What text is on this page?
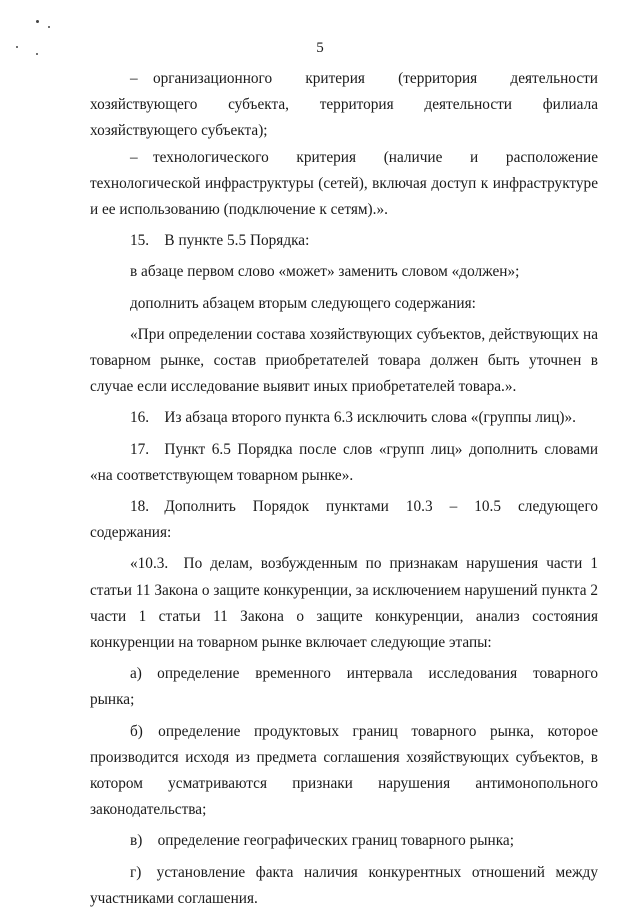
5

– организационного критерия (территория деятельности хозяйствующего субъекта, территория деятельности филиала хозяйствующего субъекта);

– технологического критерия (наличие и расположение технологической инфраструктуры (сетей), включая доступ к инфраструктуре и ее использованию (подключение к сетям).».

15. В пункте 5.5 Порядка:

в абзаце первом слово «может» заменить словом «должен»;

дополнить абзацем вторым следующего содержания:

«При определении состава хозяйствующих субъектов, действующих на товарном рынке, состав приобретателей товара должен быть уточнен в случае если исследование выявит иных приобретателей товара.».

16. Из абзаца второго пункта 6.3 исключить слова «(группы лиц)».

17. Пункт 6.5 Порядка после слов «групп лиц» дополнить словами «на соответствующем товарном рынке».

18. Дополнить Порядок пунктами 10.3 – 10.5 следующего содержания:

«10.3. По делам, возбужденным по признакам нарушения части 1 статьи 11 Закона о защите конкуренции, за исключением нарушений пункта 2 части 1 статьи 11 Закона о защите конкуренции, анализ состояния конкуренции на товарном рынке включает следующие этапы:

а) определение временного интервала исследования товарного рынка;

б) определение продуктовых границ товарного рынка, которое производится исходя из предмета соглашения хозяйствующих субъектов, в котором усматриваются признаки нарушения антимонопольного законодательства;

в) определение географических границ товарного рынка;

г) установление факта наличия конкурентных отношений между участниками соглашения.
